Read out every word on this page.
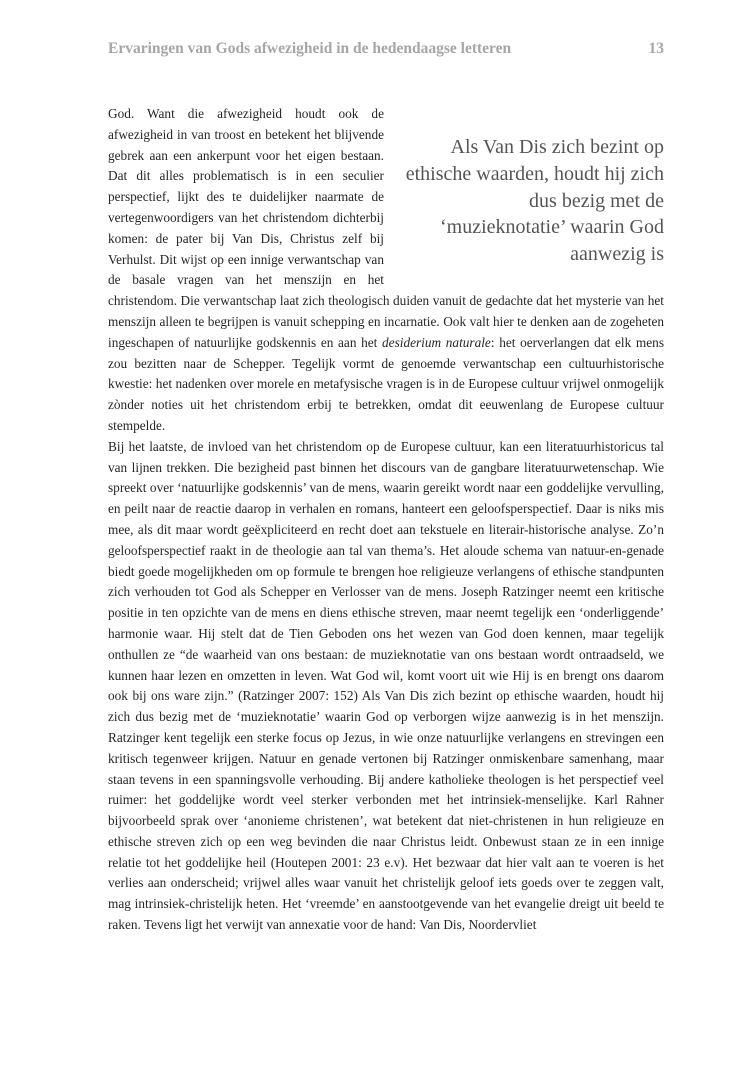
Ervaringen van Gods afwezigheid in de hedendaagse letteren	13
Als Van Dis zich bezint op ethische waarden, houdt hij zich dus bezig met de ‘muzieknotatie’ waarin God aanwezig is

God. Want die afwezigheid houdt ook de afwezigheid in van troost en betekent het blijvende gebrek aan een ankerpunt voor het eigen bestaan. Dat dit alles problematisch is in een seculier perspectief, lijkt des te duidelijker naarmate de vertegenwoordigers van het christendom dichterbij komen: de pater bij Van Dis, Christus zelf bij Verhulst. Dit wijst op een innige verwantschap van de basale vragen van het menszijn en het christendom. Die verwantschap laat zich theologisch duiden vanuit de gedachte dat het mysterie van het menszijn alleen te begrijpen is vanuit schepping en incarnatie. Ook valt hier te denken aan de zogeheten ingeschapen of natuurlijke godskennis en aan het desiderium naturale: het oerverlangen dat elk mens zou bezitten naar de Schepper. Tegelijk vormt de genoemde verwantschap een cultuurhistorische kwestie: het nadenken over morele en metafysische vragen is in de Europese cultuur vrijwel onmogelijk zònder noties uit het christendom erbij te betrekken, omdat dit eeuwenlang de Europese cultuur stempelde.

Bij het laatste, de invloed van het christendom op de Europese cultuur, kan een literatuurhistoricus tal van lijnen trekken. Die bezigheid past binnen het discours van de gangbare literatuurwetenschap. Wie spreekt over ‘natuurlijke godskennis’ van de mens, waarin gereikt wordt naar een goddelijke vervulling, en peilt naar de reactie daarop in verhalen en romans, hanteert een geloofsperspectief. Daar is niks mis mee, als dit maar wordt geëxpliciteerd en recht doet aan tekstuele en literair-historische analyse. Zo’n geloofsperspectief raakt in de theologie aan tal van thema’s. Het aloude schema van natuur-en-genade biedt goede mogelijkheden om op formule te brengen hoe religieuze verlangens of ethische standpunten zich verhouden tot God als Schepper en Verlosser van de mens. Joseph Ratzinger neemt een kritische positie in ten opzichte van de mens en diens ethische streven, maar neemt tegelijk een ‘onderliggende’ harmonie waar. Hij stelt dat de Tien Geboden ons het wezen van God doen kennen, maar tegelijk onthullen ze “de waarheid van ons bestaan: de muzieknotatie van ons bestaan wordt ontraadseld, we kunnen haar lezen en omzetten in leven. Wat God wil, komt voort uit wie Hij is en brengt ons daarom ook bij ons ware zijn.” (Ratzinger 2007: 152) Als Van Dis zich bezint op ethische waarden, houdt hij zich dus bezig met de ‘muzieknotatie’ waarin God op verborgen wijze aanwezig is in het menszijn. Ratzinger kent tegelijk een sterke focus op Jezus, in wie onze natuurlijke verlangens en strevingen een kritisch tegenweer krijgen. Natuur en genade vertonen bij Ratzinger onmiskenbare samenhang, maar staan tevens in een spanningsvolle verhouding. Bij andere katholieke theologen is het perspectief veel ruimer: het goddelijke wordt veel sterker verbonden met het intrinsiek-menselijke. Karl Rahner bijvoorbeeld sprak over ‘anonieme christenen’, wat betekent dat niet-christenen in hun religieuze en ethische streven zich op een weg bevinden die naar Christus leidt. Onbewust staan ze in een innige relatie tot het goddelijke heil (Houtepen 2001: 23 e.v). Het bezwaar dat hier valt aan te voeren is het verlies aan onderscheid; vrijwel alles waar vanuit het christelijk geloof iets goeds over te zeggen valt, mag intrinsiek-christelijk heten. Het ‘vreemde’ en aanstootgevende van het evangelie dreigt uit beeld te raken. Tevens ligt het verwijt van annexatie voor de hand: Van Dis, Noordervliet
